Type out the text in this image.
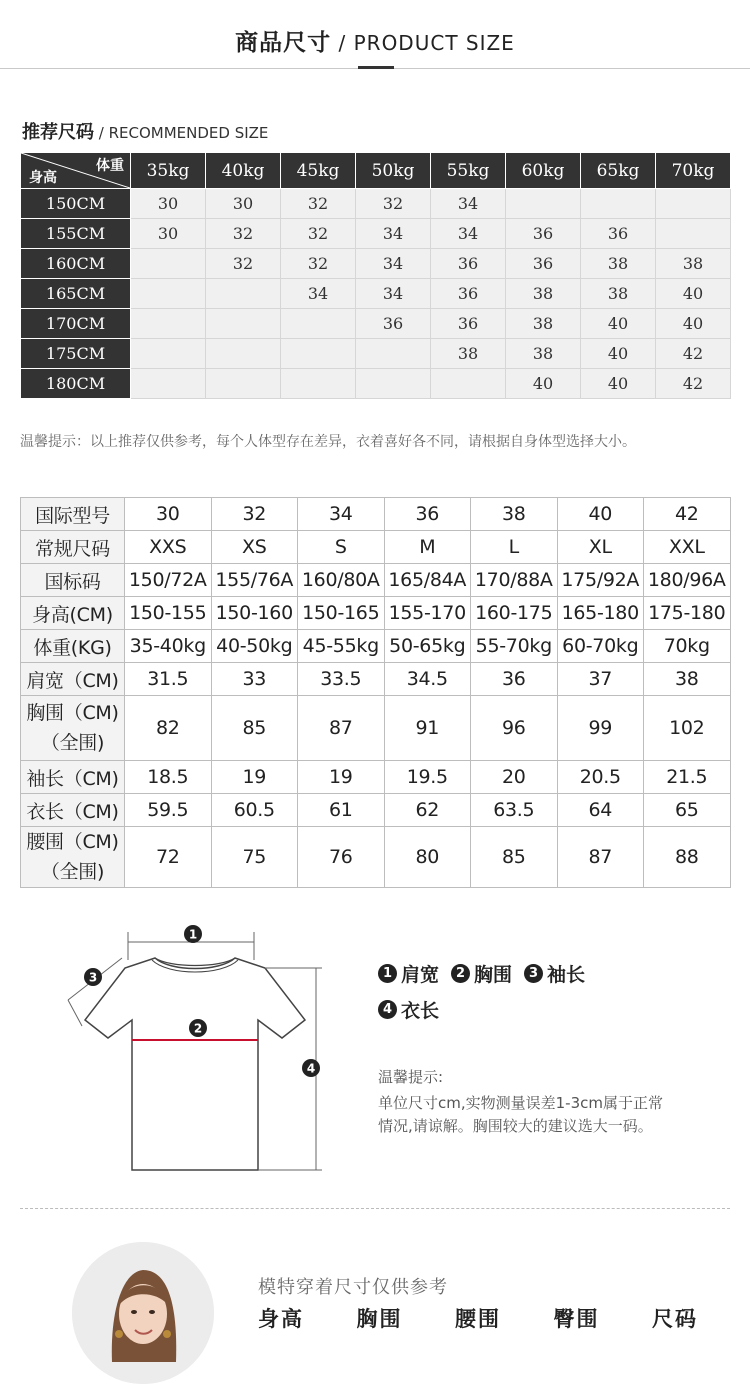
商品尺寸 / PRODUCT SIZE
推荐尺码 / RECOMMENDED SIZE
体重
身高	35kg	40kg	45kg	50kg	55kg	60kg	65kg	70kg
150CM	30	30	32	32	34			
155CM	30	32	32	34	34	36	36	
160CM		32	32	34	36	36	38	38
165CM			34	34	36	38	38	40
170CM				36	36	38	40	40
175CM					38	38	40	42
180CM						40	40	42
温馨提示：以上推荐仅供参考，每个人体型存在差异，衣着喜好各不同，请根据自身体型选择大小。
国际型号	30	32	34	36	38	40	42

常规尺码	XXS	XS	S	M	L	XL	XXL

国标码	150/72A	155/76A	160/80A	165/84A	170/88A	175/92A	180/96A

身高(CM)	150-155	150-160	150-165	155-170	160-175	165-180	175-180

体重(KG)	35-40kg	40-50kg	45-55kg	50-65kg	55-70kg	60-70kg	70kg

肩宽（CM)	31.5	33	33.5	34.5	36	37	38

胸围（CM)
（全围)	82	85	87	91	96	99	102

袖长（CM)	18.5	19	19	19.5	20	20.5	21.5

衣长（CM)	59.5	60.5	61	62	63.5	64	65

腰围（CM)
（全围)	72	75	76	80	85	87	88
1
2
3
4
1 肩宽	2 胸围	3 袖长
4 衣长
温馨提示:
单位尺寸cm,实物测量误差1-3cm属于正常
情况,请谅解。胸围较大的建议选大一码。
模特穿着尺寸仅供参考
身高	胸围	腰围	臀围	尺码
